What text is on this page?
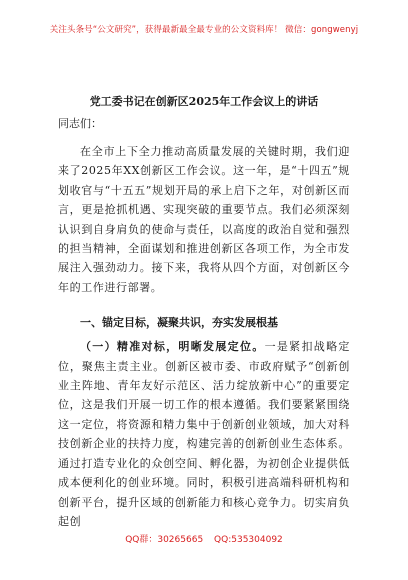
关注头条号“公文研究”，获得最新最全最专业的公文资料库！ 微信：gongwenyj
党工委书记在创新区2025年工作会议上的讲话
同志们：

在全市上下全力推动高质量发展的关键时期，我们迎来了2025年XX创新区工作会议。这一年，是“十四五”规划收官与“十五五”规划开局的承上启下之年，对创新区而言，更是抢抓机遇、实现突破的重要节点。我们必须深刻认识到自身肩负的使命与责任，以高度的政治自觉和强烈的担当精神，全面谋划和推进创新区各项工作，为全市发展注入强劲动力。接下来，我将从四个方面，对创新区今年的工作进行部署。

一、锚定目标，凝聚共识，夯实发展根基

（一）精准对标，明晰发展定位。一是紧扣战略定位，聚焦主责主业。创新区被市委、市政府赋予“创新创业主阵地、青年友好示范区、活力绽放新中心”的重要定位，这是我们开展一切工作的根本遵循。我们要紧紧围绕这一定位，将资源和精力集中于创新创业领域，加大对科技创新企业的扶持力度，构建完善的创新创业生态体系。通过打造专业化的众创空间、孵化器，为初创企业提供低成本便利化的创业环境。同时，积极引进高端科研机构和创新平台，提升区域的创新能力和核心竞争力。切实肩负起创

QQ群：30265665 QQ:535304092
